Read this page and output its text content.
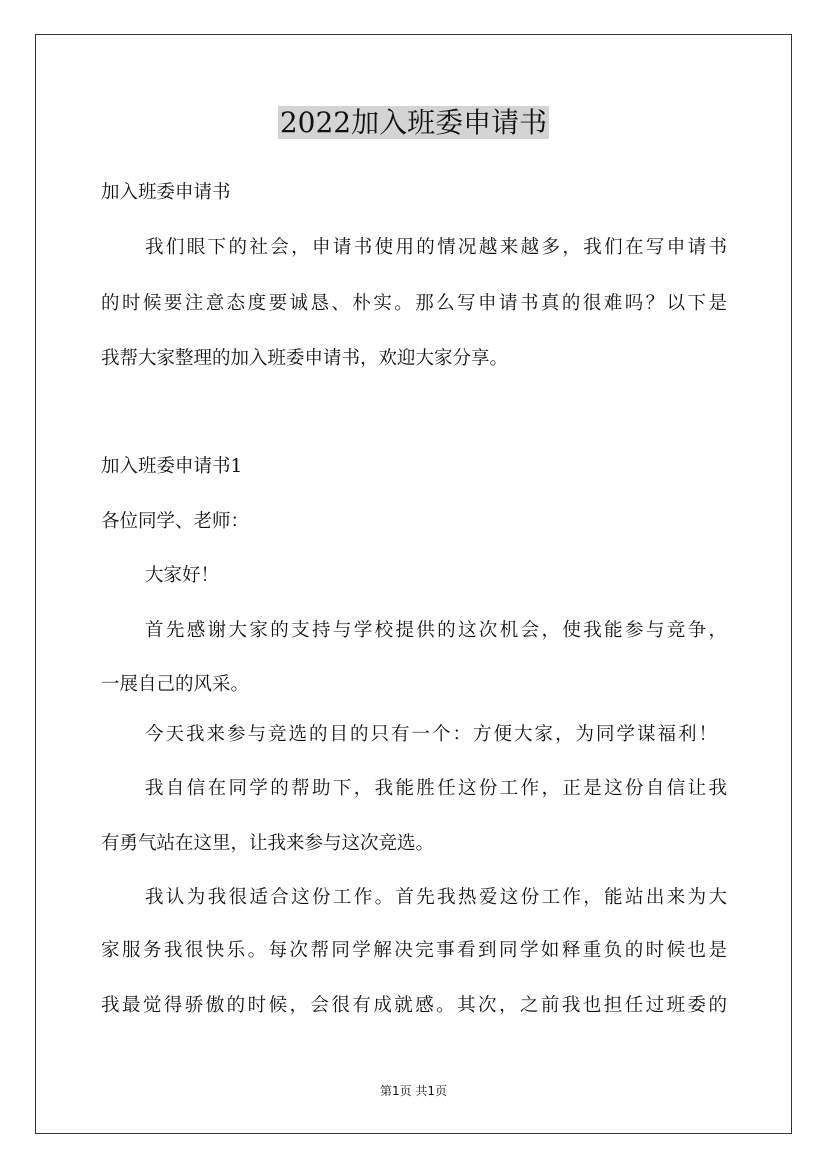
2022加入班委申请书
加入班委申请书
我们眼下的社会，申请书使用的情况越来越多，我们在写申请书
的时候要注意态度要诚恳、朴实。那么写申请书真的很难吗？以下是
我帮大家整理的加入班委申请书，欢迎大家分享。
加入班委申请书1
各位同学、老师：
大家好！
首先感谢大家的支持与学校提供的这次机会，使我能参与竞争，
一展自己的风采。
今天我来参与竞选的目的只有一个：方便大家，为同学谋福利！
我自信在同学的帮助下，我能胜任这份工作，正是这份自信让我
有勇气站在这里，让我来参与这次竞选。
我认为我很适合这份工作。首先我热爱这份工作，能站出来为大
家服务我很快乐。每次帮同学解决完事看到同学如释重负的时候也是
我最觉得骄傲的时候，会很有成就感。其次，之前我也担任过班委的
第1页 共1页
